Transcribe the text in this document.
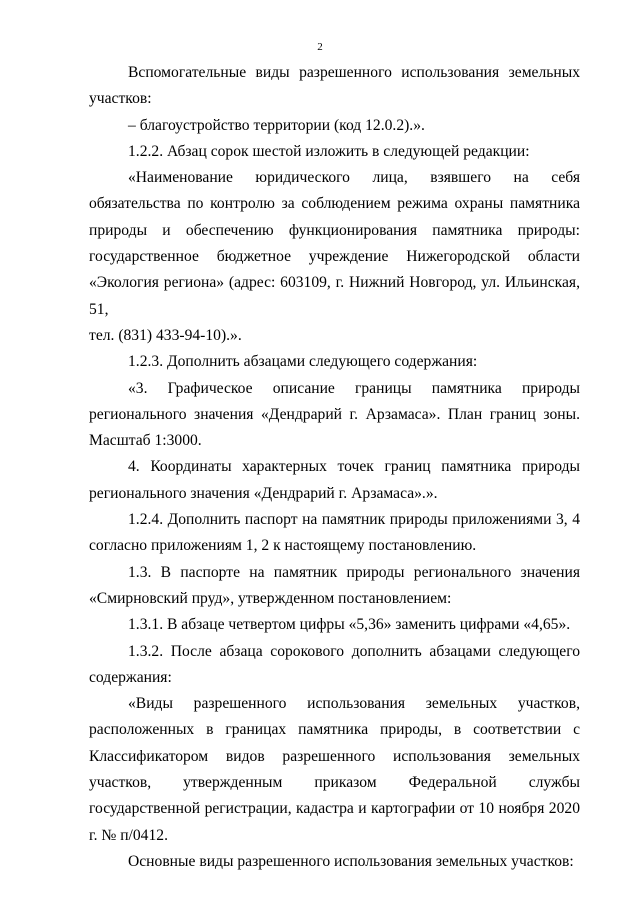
2

Вспомогательные виды разрешенного использования земельных участков:

– благоустройство территории (код 12.0.2).».

1.2.2. Абзац сорок шестой изложить в следующей редакции:

«Наименование юридического лица, взявшего на себя обязательства по контролю за соблюдением режима охраны памятника природы и обеспечению функционирования памятника природы: государственное бюджетное учреждение Нижегородской области «Экология региона» (адрес: 603109, г. Нижний Новгород, ул. Ильинская, 51,

тел. (831) 433-94-10).».

1.2.3. Дополнить абзацами следующего содержания:

«3. Графическое описание границы памятника природы регионального значения «Дендрарий г. Арзамаса». План границ зоны. Масштаб 1:3000.

4. Координаты характерных точек границ памятника природы регионального значения «Дендрарий г. Арзамаса».».

1.2.4. Дополнить паспорт на памятник природы приложениями 3, 4 согласно приложениям 1, 2 к настоящему постановлению.

1.3. В паспорте на памятник природы регионального значения «Смирновский пруд», утвержденном постановлением:

1.3.1. В абзаце четвертом цифры «5,36» заменить цифрами «4,65».

1.3.2. После абзаца сорокового дополнить абзацами следующего содержания:

«Виды разрешенного использования земельных участков, расположенных в границах памятника природы, в соответствии с Классификатором видов разрешенного использования земельных участков, утвержденным приказом Федеральной службы государственной регистрации, кадастра и картографии от 10 ноября 2020 г. № п/0412.

Основные виды разрешенного использования земельных участков:
